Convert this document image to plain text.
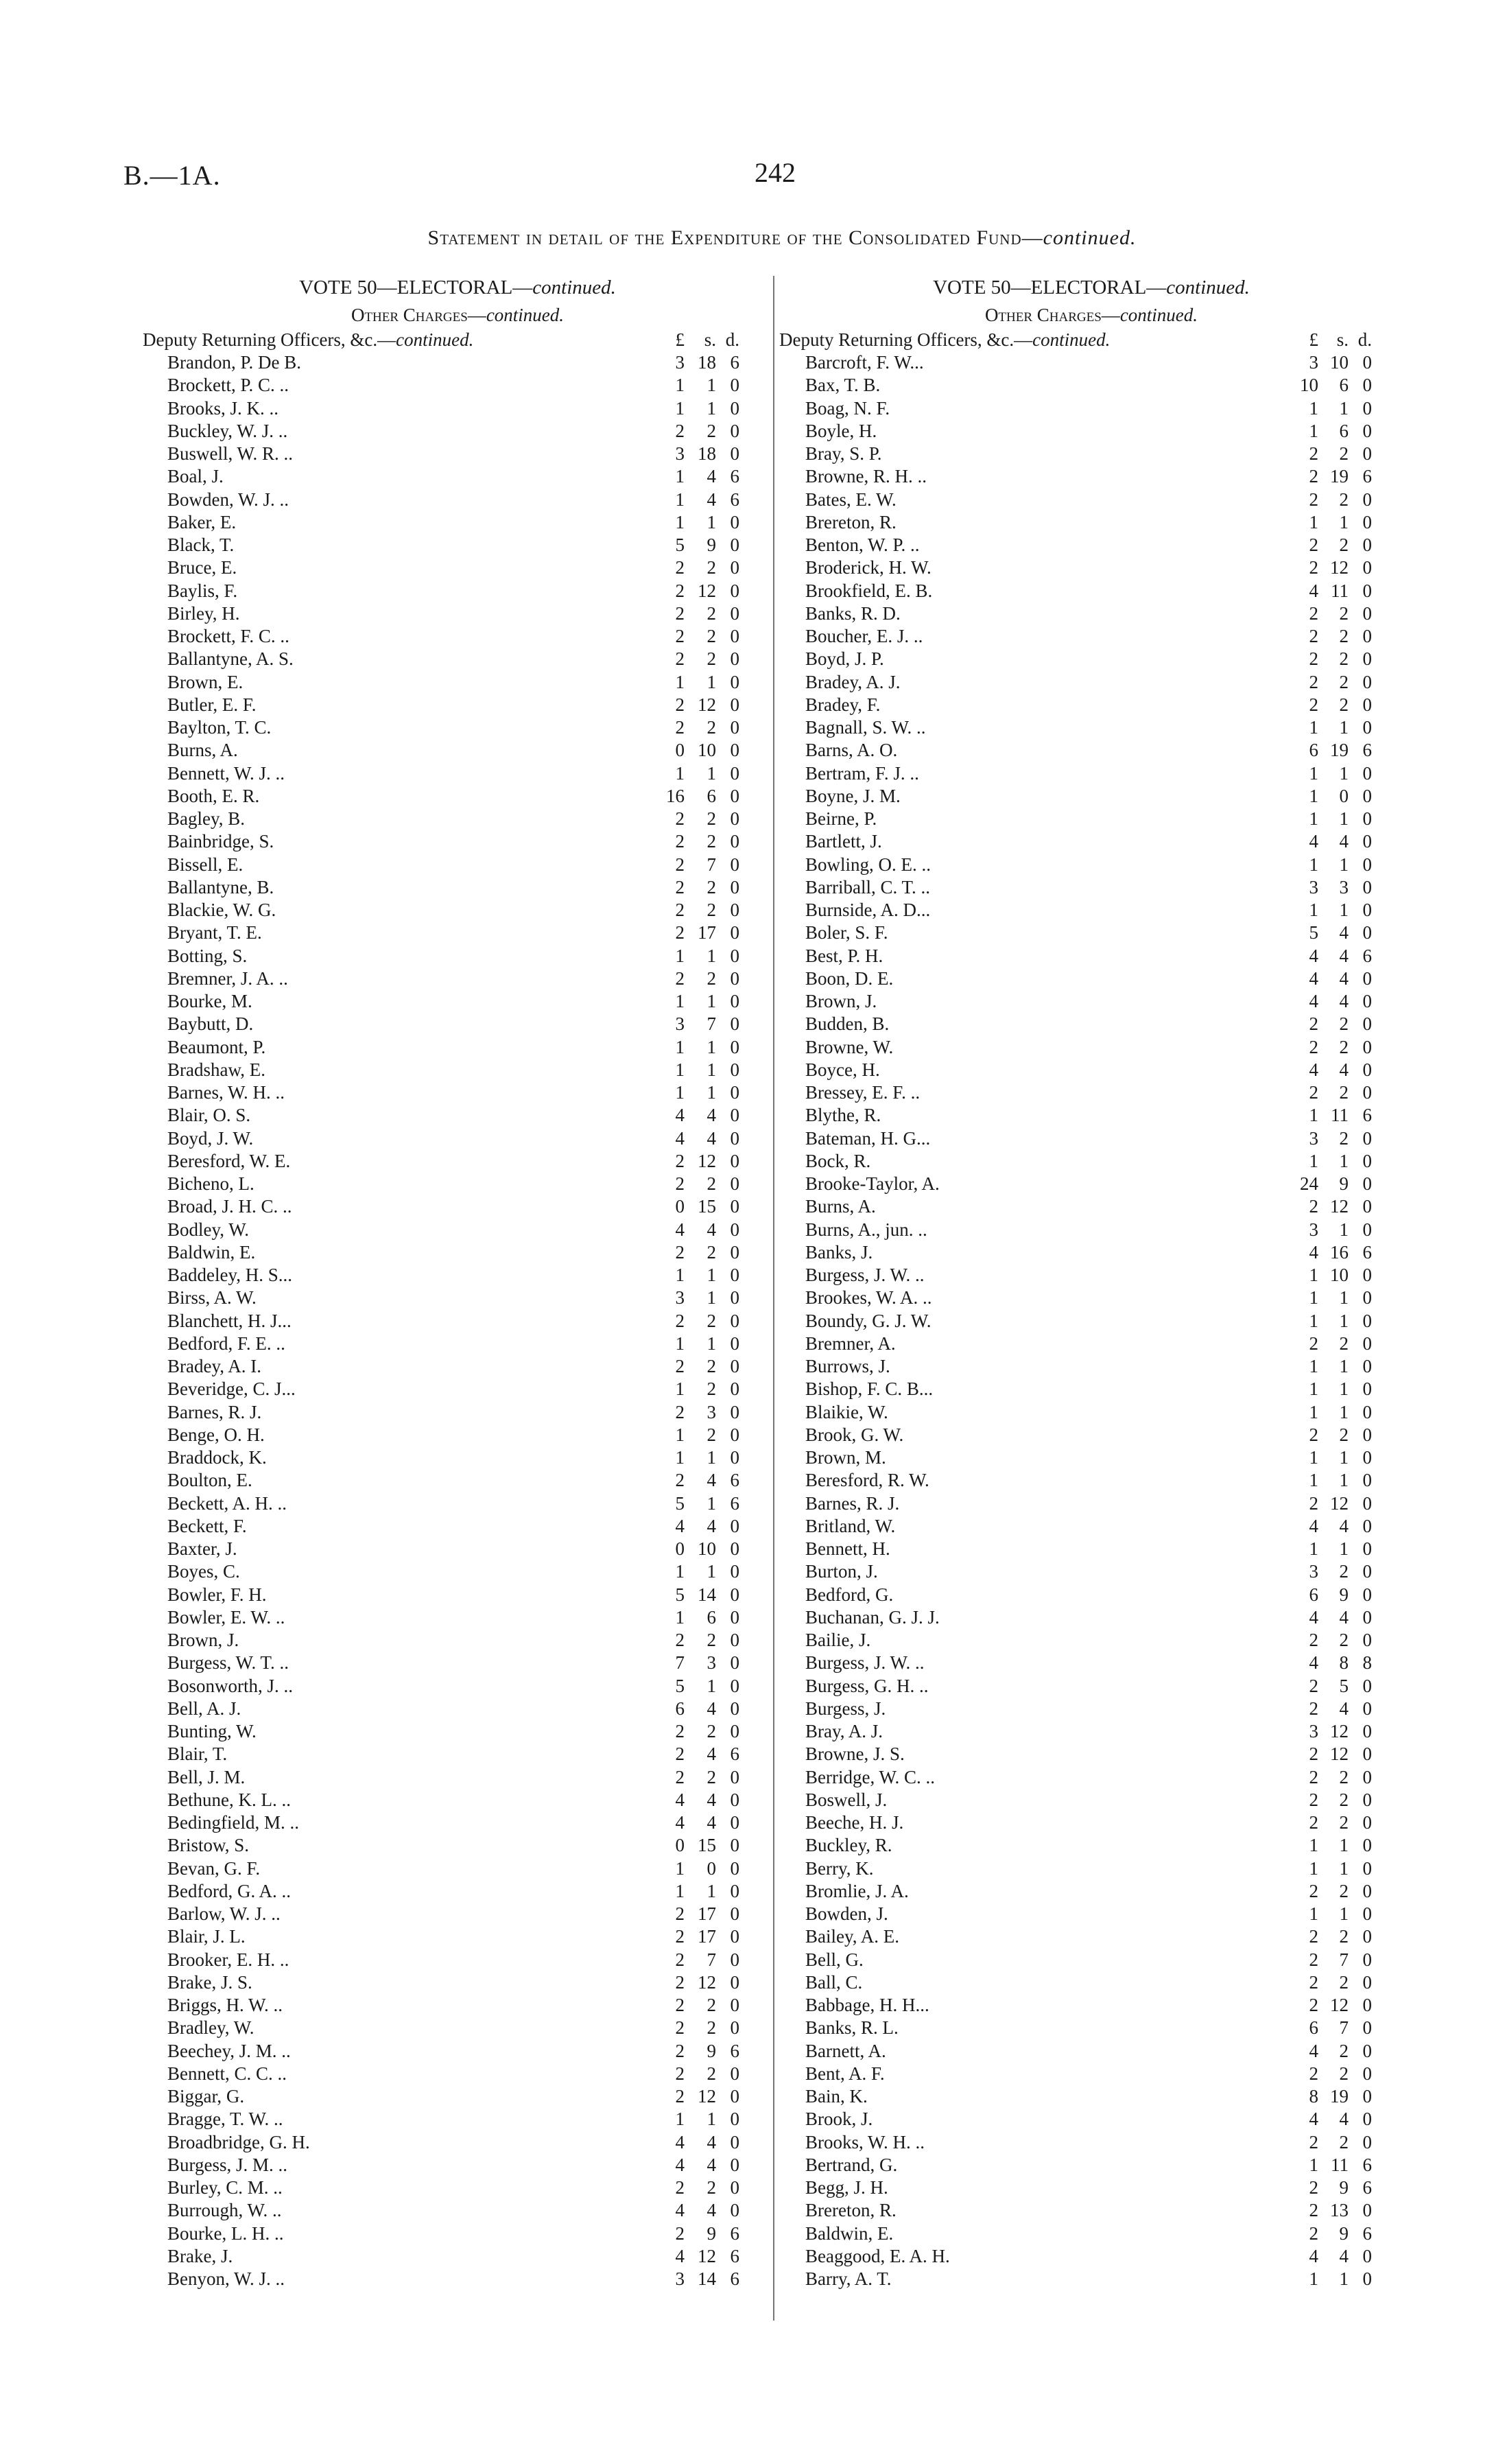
B.—1A.	242
Statement in detail of the Expenditure of the Consolidated Fund—continued.
VOTE 50—ELECTORAL—continued.
Other Charges—continued.
Deputy Returning Officers, &c.—continued.	£	s. d.
Brandon, P. De B.	3 18 6
Brockett, P. C. ..	1	1 0
Brooks, J. K. ..	1	1 0
Buckley, W. J. ..	2	2 0
Buswell, W. R. ..	3 18 0
Boal, J.	1	4 6
Bowden, W. J. ..	1	4 6
Baker, E.	1	1 0
Black, T.	5	9 0
Bruce, E.	2	2 0
Baylis, F.	2 12 0
Birley, H.	2	2 0
Brockett, F. C. ..	2	2 0
Ballantyne, A. S.	2	2 0
Brown, E.	1	1 0
Butler, E. F.	2 12 0
Baylton, T. C.	2	2 0
Burns, A.	0 10 0
Bennett, W. J. ..	1	1 0
Booth, E. R.	16	6 0
Bagley, B.	2	2 0
Bainbridge, S.	2	2 0
Bissell, E.	2	7 0
Ballantyne, B.	2	2 0
Blackie, W. G.	2	2 0
Bryant, T. E.	2 17 0
Botting, S.	1	1 0
Bremner, J. A. ..	2	2 0
Bourke, M.	1	1 0
Baybutt, D.	3	7 0
Beaumont, P.	1	1 0
Bradshaw, E.	1	1 0
Barnes, W. H. ..	1	1 0
Blair, O. S.	4	4 0
Boyd, J. W.	4	4 0
Beresford, W. E.	2 12 0
Bicheno, L.	2	2 0
Broad, J. H. C. ..	0 15 0
Bodley, W.	4	4 0
Baldwin, E.	2	2 0
Baddeley, H. S...	1	1 0
Birss, A. W.	3	1 0
Blanchett, H. J...	2	2 0
Bedford, F. E. ..	1	1 0
Bradey, A. I.	2	2 0
Beveridge, C. J...	1	2 0
Barnes, R. J.	2	3 0
Benge, O. H.	1	2 0
Braddock, K.	1	1 0
Boulton, E.	2	4 6
Beckett, A. H. ..	5	1 6
Beckett, F.	4	4 0
Baxter, J.	0 10 0
Boyes, C.	1	1 0
Bowler, F. H.	5 14 0
Bowler, E. W. ..	1	6 0
Brown, J.	2	2 0
Burgess, W. T. ..	7	3 0
Bosonworth, J. ..	5	1 0
Bell, A. J.	6	4 0
Bunting, W.	2	2 0
Blair, T.	2	4 6
Bell, J. M.	2	2 0
Bethune, K. L. ..	4	4 0
Bedingfield, M. ..	4	4 0
Bristow, S.	0 15 0
Bevan, G. F.	1	0 0
Bedford, G. A. ..	1	1 0
Barlow, W. J. ..	2 17 0
Blair, J. L.	2 17 0
Brooker, E. H. ..	2	7 0
Brake, J. S.	2 12 0
Briggs, H. W. ..	2	2 0
Bradley, W.	2	2 0
Beechey, J. M. ..	2	9 6
Bennett, C. C. ..	2	2 0
Biggar, G.	2 12 0
Bragge, T. W. ..	1	1 0
Broadbridge, G. H.	4	4 0
Burgess, J. M. ..	4	4 0
Burley, C. M. ..	2	2 0
Burrough, W. ..	4	4 0
Bourke, L. H. ..	2	9 6
Brake, J.	4 12 6
Benyon, W. J. ..	3 14 6
VOTE 50—ELECTORAL—continued.
Other Charges—continued.
Deputy Returning Officers, &c.—continued.	£ s. d.
Barcroft, F. W...	3 10 0
Bax, T. B.	10	6 0
Boag, N. F.	1	1 0
Boyle, H.	1	6 0
Bray, S. P.	2	2 0
Browne, R. H. ..	2 19 6
Bates, E. W.	2	2 0
Brereton, R.	1	1 0
Benton, W. P. ..	2	2 0
Broderick, H. W.	2 12 0
Brookfield, E. B.	4 11 0
Banks, R. D.	2	2 0
Boucher, E. J. ..	2	2 0
Boyd, J. P.	2	2 0
Bradey, A. J.	2	2 0
Bradey, F.	2	2 0
Bagnall, S. W. ..	1	1 0
Barns, A. O.	6 19 6
Bertram, F. J. ..	1	1 0
Boyne, J. M.	1	0 0
Beirne, P.	1	1 0
Bartlett, J.	4	4 0
Bowling, O. E. ..	1	1 0
Barriball, C. T. ..	3	3 0
Burnside, A. D...	1	1 0
Boler, S. F.	5	4 0
Best, P. H.	4	4 6
Boon, D. E.	4	4 0
Brown, J.	4	4 0
Budden, B.	2	2 0
Browne, W.	2	2 0
Boyce, H.	4	4 0
Bressey, E. F. ..	2	2 0
Blythe, R.	1 11 6
Bateman, H. G...	3	2 0
Bock, R.	1	1 0
Brooke-Taylor, A.	24	9 0
Burns, A.	2 12 0
Burns, A., jun. ..	3	1 0
Banks, J.	4 16 6
Burgess, J. W. ..	1 10 0
Brookes, W. A. ..	1	1 0
Boundy, G. J. W.	1	1 0
Bremner, A.	2	2 0
Burrows, J.	1	1 0
Bishop, F. C. B...	1	1 0
Blaikie, W.	1	1 0
Brook, G. W.	2	2 0
Brown, M.	1	1 0
Beresford, R. W.	1	1 0
Barnes, R. J.	2 12 0
Britland, W.	4	4 0
Bennett, H.	1	1 0
Burton, J.	3	2 0
Bedford, G.	6	9 0
Buchanan, G. J. J.	4	4 0
Bailie, J.	2	2 0
Burgess, J. W. ..	4	8 8
Burgess, G. H. ..	2	5 0
Burgess, J.	2	4 0
Bray, A. J.	3 12 0
Browne, J. S.	2 12 0
Berridge, W. C. ..	2	2 0
Boswell, J.	2	2 0
Beeche, H. J.	2	2 0
Buckley, R.	1	1 0
Berry, K.	1	1 0
Bromlie, J. A.	2	2 0
Bowden, J.	1	1 0
Bailey, A. E.	2	2 0
Bell, G.	2	7 0
Ball, C.	2	2 0
Babbage, H. H...	2 12 0
Banks, R. L.	6	7 0
Barnett, A.	4	2 0
Bent, A. F.	2	2 0
Bain, K.	8 19 0
Brook, J.	4	4 0
Brooks, W. H. ..	2	2 0
Bertrand, G.	1 11 6
Begg, J. H.	2	9 6
Brereton, R.	2 13 0
Baldwin, E.	2	9 6
Beaggood, E. A. H.	4	4 0
Barry, A. T.	1	1 0
